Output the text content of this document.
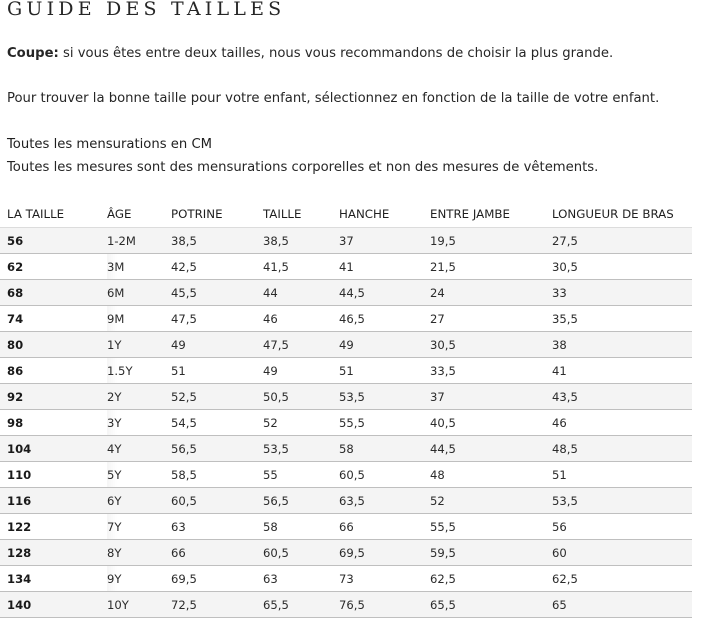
GUIDE DES TAILLES
Coupe: si vous êtes entre deux tailles, nous vous recommandons de choisir la plus grande.
Pour trouver la bonne taille pour votre enfant, sélectionnez en fonction de la taille de votre enfant.
Toutes les mensurations en CM
Toutes les mesures sont des mensurations corporelles et non des mesures de vêtements.
LA TAILLE	ÂGE	POTRINE	TAILLE	HANCHE	ENTRE JAMBE	LONGUEUR DE BRAS
56	1-2M	38,5	38,5	37	19,5	27,5
62	3M	42,5	41,5	41	21,5	30,5
68	6M	45,5	44	44,5	24	33
74	9M	47,5	46	46,5	27	35,5
80	1Y	49	47,5	49	30,5	38
86	1.5Y	51	49	51	33,5	41
92	2Y	52,5	50,5	53,5	37	43,5
98	3Y	54,5	52	55,5	40,5	46
104	4Y	56,5	53,5	58	44,5	48,5
110	5Y	58,5	55	60,5	48	51
116	6Y	60,5	56,5	63,5	52	53,5
122	7Y	63	58	66	55,5	56
128	8Y	66	60,5	69,5	59,5	60
134	9Y	69,5	63	73	62,5	62,5
140	10Y	72,5	65,5	76,5	65,5	65
